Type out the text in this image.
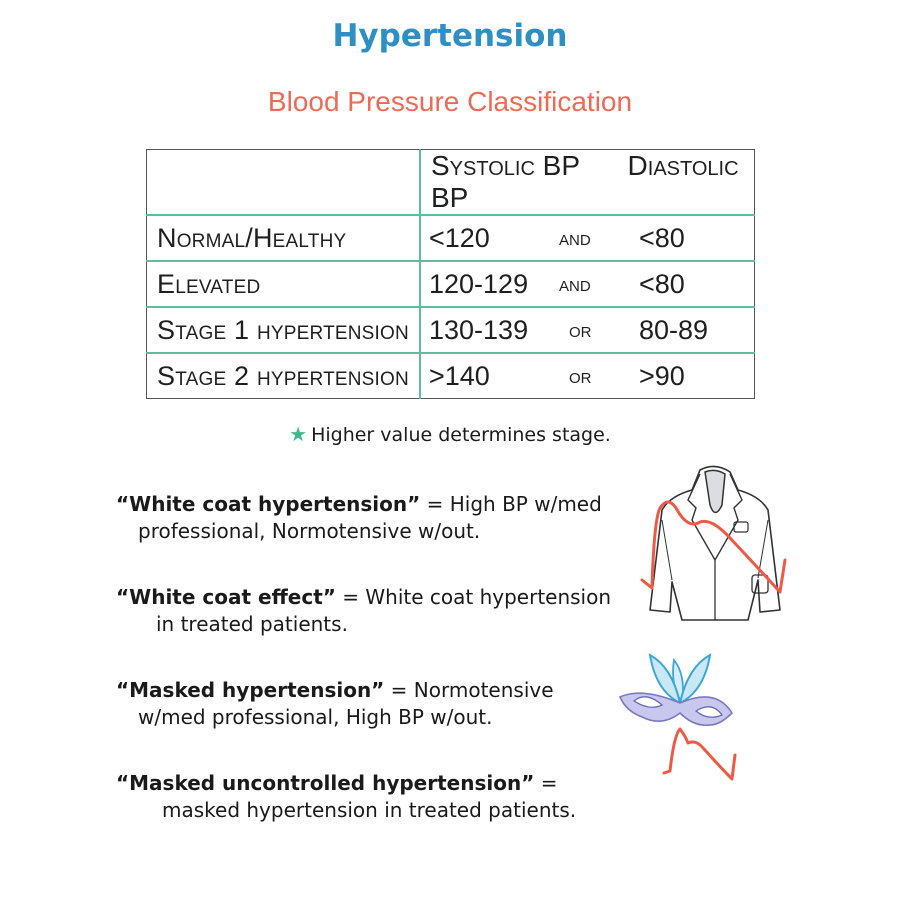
Hypertension
Blood Pressure Classification
	Systolic BP Diastolic BP		
Normal/Healthy	<120	and	<80
Elevated	120-129	and	<80
Stage 1 hypertension	130-139	or	80-89
Stage 2 hypertension	>140	or	>90
★ Higher value determines stage.
“White coat hypertension” = High BP w/med
professional, Normotensive w/out.
“White coat effect” = White coat hypertension
in treated patients.
“Masked hypertension” = Normotensive
w/med professional, High BP w/out.
“Masked uncontrolled hypertension” =
masked hypertension in treated patients.
